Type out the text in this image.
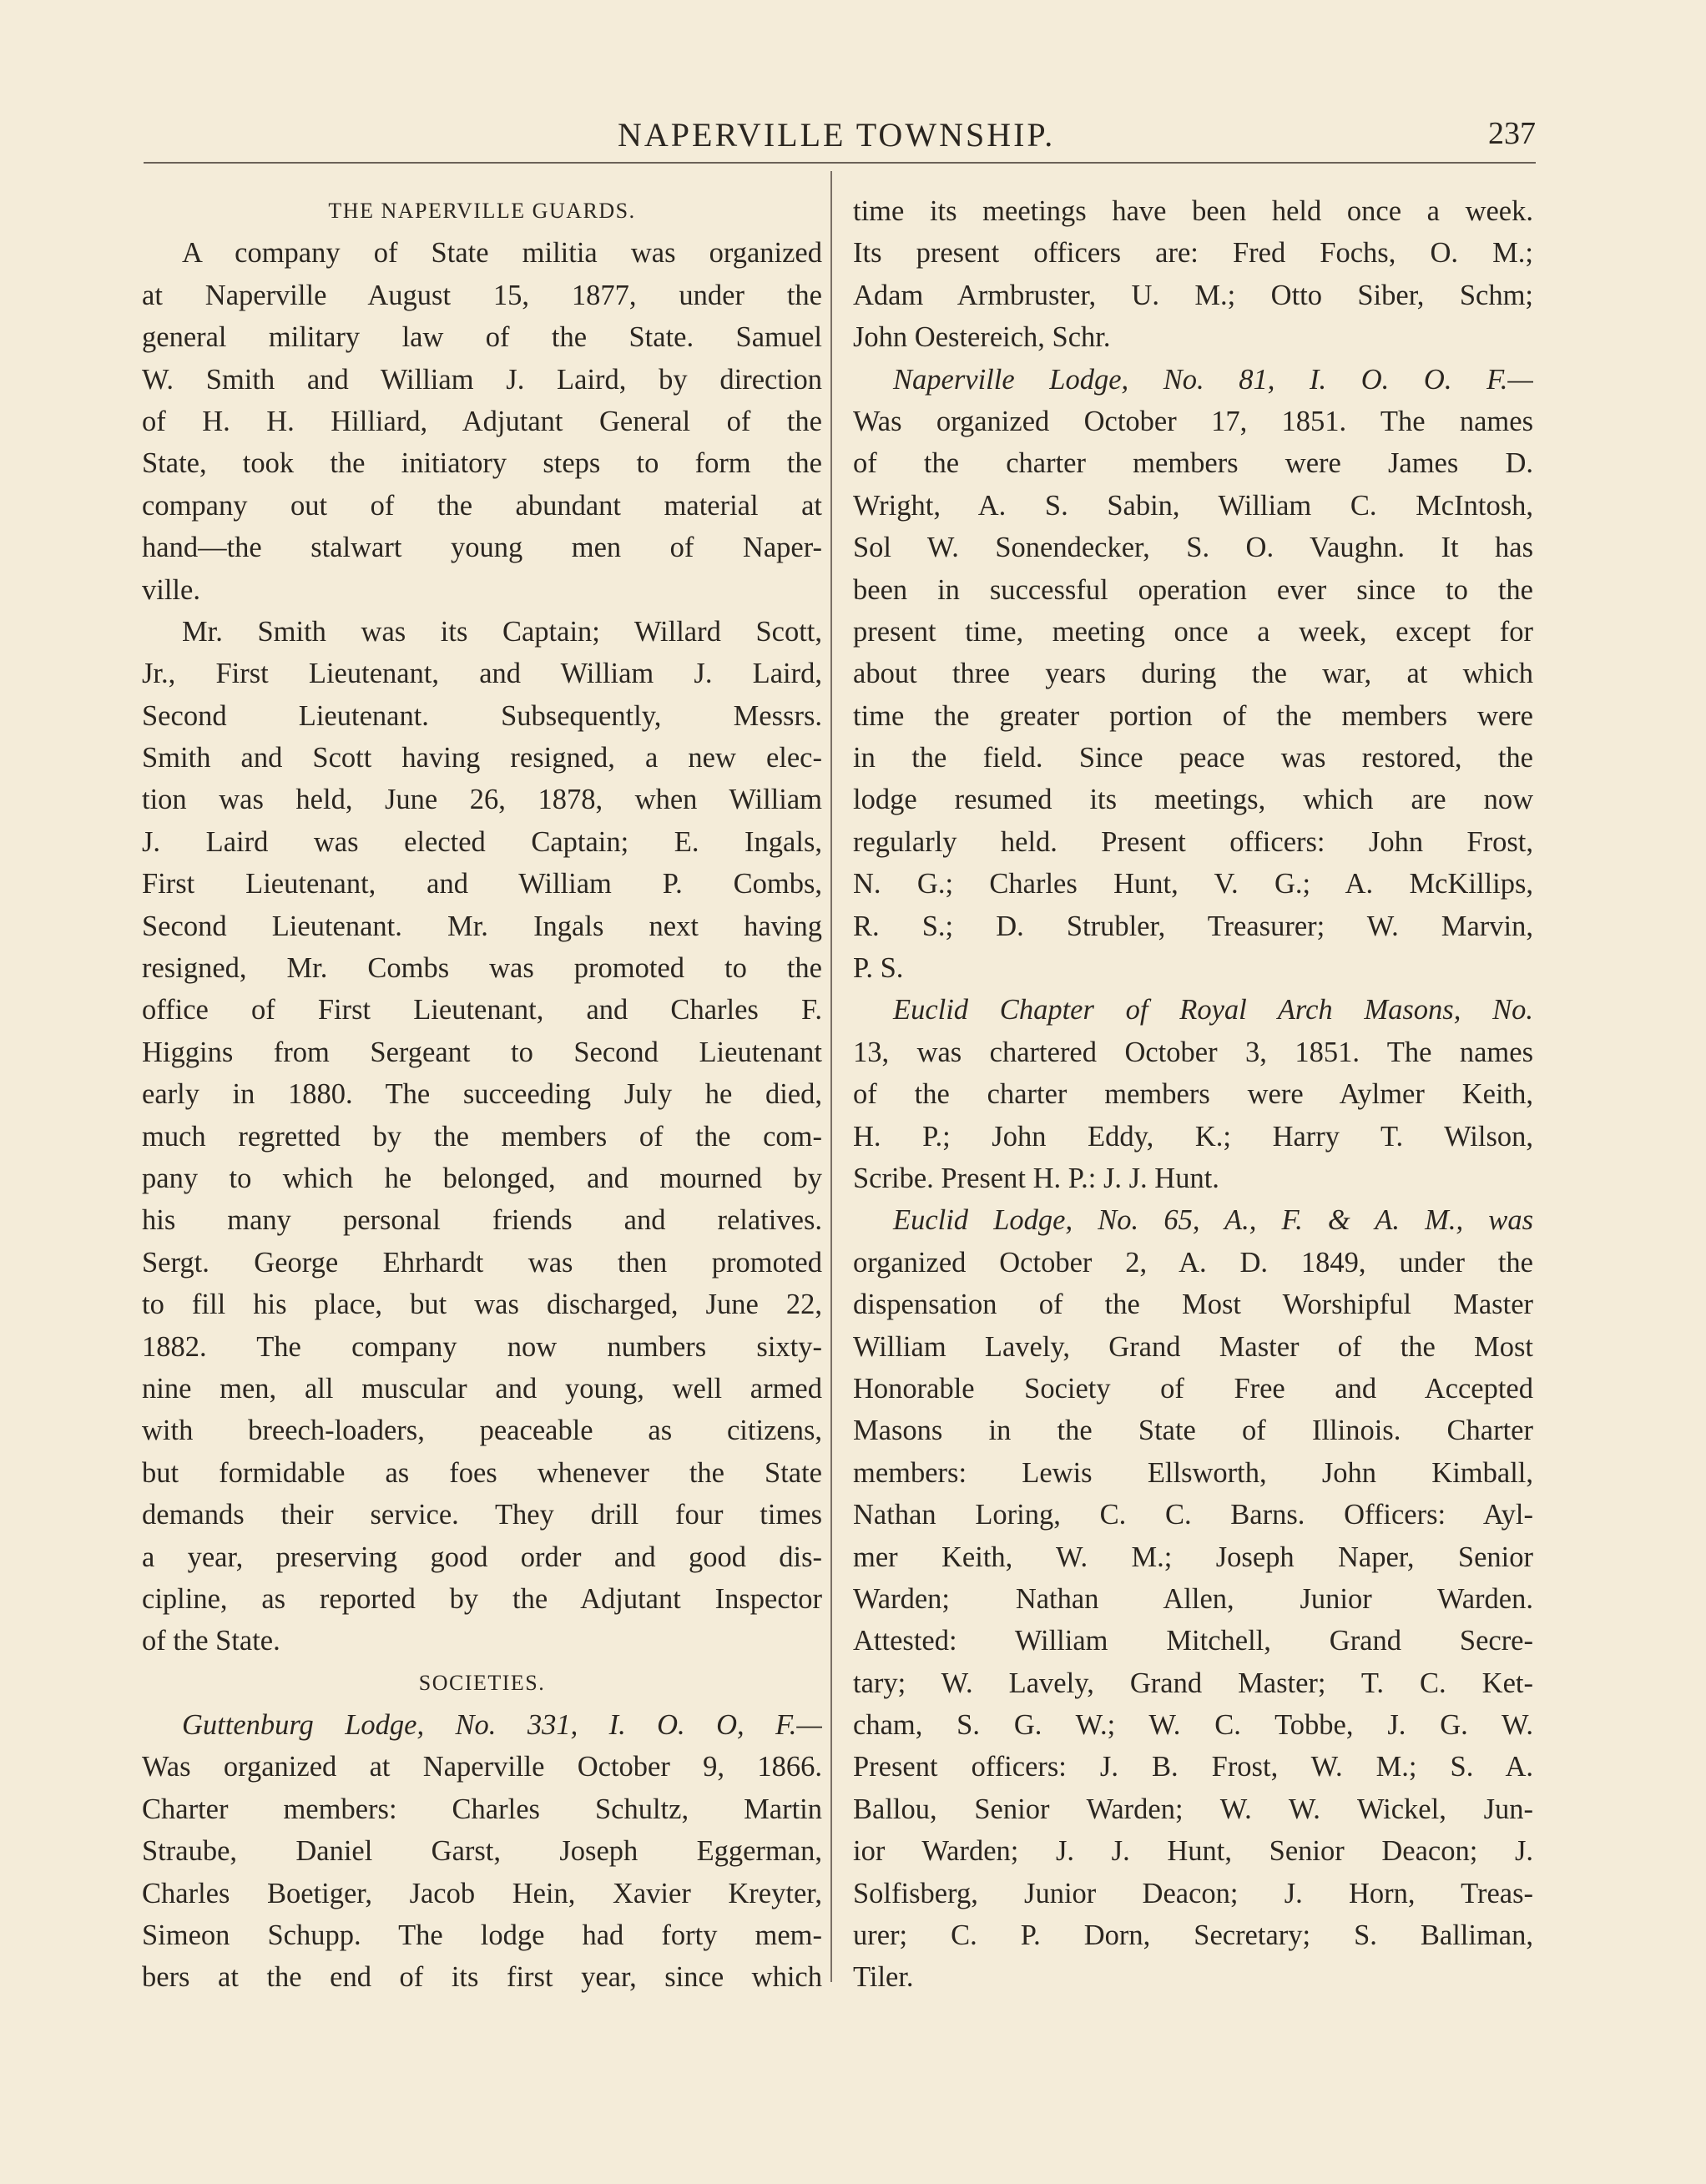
NAPERVILLE TOWNSHIP.	237
THE NAPERVILLE GUARDS.
A company of State militia was organized
at Naperville August 15, 1877, under the
general military law of the State. Samuel
W. Smith and William J. Laird, by direction
of H. H. Hilliard, Adjutant General of the
State, took the initiatory steps to form the
company out of the abundant material at
hand—the stalwart young men of Naper-
ville.
Mr. Smith was its Captain; Willard Scott,
Jr., First Lieutenant, and William J. Laird,
Second Lieutenant. Subsequently, Messrs.
Smith and Scott having resigned, a new elec-
tion was held, June 26, 1878, when William
J. Laird was elected Captain; E. Ingals,
First Lieutenant, and William P. Combs,
Second Lieutenant. Mr. Ingals next having
resigned, Mr. Combs was promoted to the
office of First Lieutenant, and Charles F.
Higgins from Sergeant to Second Lieutenant
early in 1880. The succeeding July he died,
much regretted by the members of the com-
pany to which he belonged, and mourned by
his many personal friends and relatives.
Sergt. George Ehrhardt was then promoted
to fill his place, but was discharged, June 22,
1882. The company now numbers sixty-
nine men, all muscular and young, well armed
with breech-loaders, peaceable as citizens,
but formidable as foes whenever the State
demands their service. They drill four times
a year, preserving good order and good dis-
cipline, as reported by the Adjutant Inspector
of the State.
SOCIETIES.
Guttenburg Lodge, No. 331, I. O. O, F.—
Was organized at Naperville October 9, 1866.
Charter members: Charles Schultz, Martin
Straube, Daniel Garst, Joseph Eggerman,
Charles Boetiger, Jacob Hein, Xavier Kreyter,
Simeon Schupp. The lodge had forty mem-
bers at the end of its first year, since which
time its meetings have been held once a week.
Its present officers are: Fred Fochs, O. M.;
Adam Armbruster, U. M.; Otto Siber, Schm;
John Oestereich, Schr.
Naperville Lodge, No. 81, I. O. O. F.—
Was organized October 17, 1851. The names
of the charter members were James D.
Wright, A. S. Sabin, William C. McIntosh,
Sol W. Sonendecker, S. O. Vaughn. It has
been in successful operation ever since to the
present time, meeting once a week, except for
about three years during the war, at which
time the greater portion of the members were
in the field. Since peace was restored, the
lodge resumed its meetings, which are now
regularly held. Present officers: John Frost,
N. G.; Charles Hunt, V. G.; A. McKillips,
R. S.; D. Strubler, Treasurer; W. Marvin,
P. S.
Euclid Chapter of Royal Arch Masons, No.
13, was chartered October 3, 1851. The names
of the charter members were Aylmer Keith,
H. P.; John Eddy, K.; Harry T. Wilson,
Scribe. Present H. P.: J. J. Hunt.
Euclid Lodge, No. 65, A., F. & A. M., was
organized October 2, A. D. 1849, under the
dispensation of the Most Worshipful Master
William Lavely, Grand Master of the Most
Honorable Society of Free and Accepted
Masons in the State of Illinois. Charter
members: Lewis Ellsworth, John Kimball,
Nathan Loring, C. C. Barns. Officers: Ayl-
mer Keith, W. M.; Joseph Naper, Senior
Warden; Nathan Allen, Junior Warden.
Attested: William Mitchell, Grand Secre-
tary; W. Lavely, Grand Master; T. C. Ket-
cham, S. G. W.; W. C. Tobbe, J. G. W.
Present officers: J. B. Frost, W. M.; S. A.
Ballou, Senior Warden; W. W. Wickel, Jun-
ior Warden; J. J. Hunt, Senior Deacon; J.
Solfisberg, Junior Deacon; J. Horn, Treas-
urer; C. P. Dorn, Secretary; S. Balliman,
Tiler.
